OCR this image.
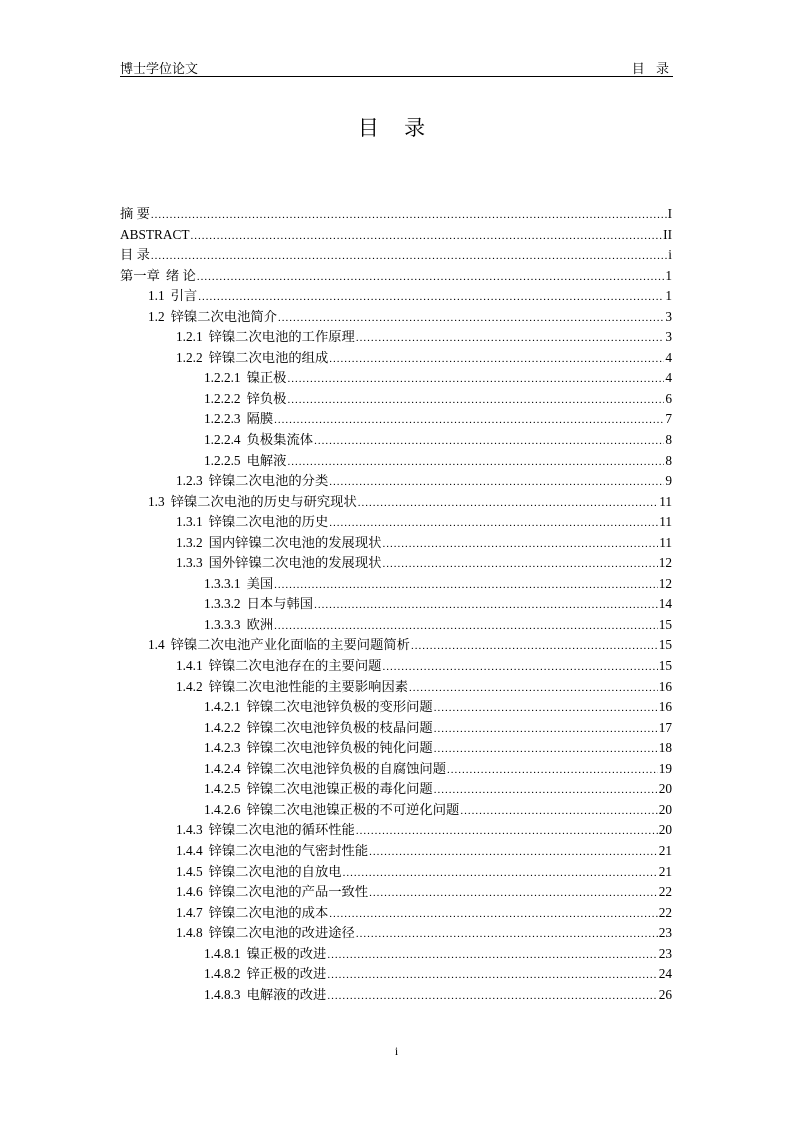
博士学位论文	目 录
目 录
摘 要 .....	I
ABSTRACT .....	II
目 录 .....	i
第一章 绪 论 .....	1
1.1 引言 .....	1
1.2 锌镍二次电池简介 .....	3
1.2.1 锌镍二次电池的工作原理 .....	3
1.2.2 锌镍二次电池的组成 .....	4
1.2.2.1 镍正极 .....	4
1.2.2.2 锌负极 .....	6
1.2.2.3 隔膜 .....	7
1.2.2.4 负极集流体 .....	8
1.2.2.5 电解液 .....	8
1.2.3 锌镍二次电池的分类 .....	9
1.3 锌镍二次电池的历史与研究现状 .....	11
1.3.1 锌镍二次电池的历史 .....	11
1.3.2 国内锌镍二次电池的发展现状 .....	11
1.3.3 国外锌镍二次电池的发展现状 .....	12
1.3.3.1 美国 .....	12
1.3.3.2 日本与韩国 .....	14
1.3.3.3 欧洲 .....	15
1.4 锌镍二次电池产业化面临的主要问题简析 .....	15
1.4.1 锌镍二次电池存在的主要问题 .....	15
1.4.2 锌镍二次电池性能的主要影响因素 .....	16
1.4.2.1 锌镍二次电池锌负极的变形问题 .....	16
1.4.2.2 锌镍二次电池锌负极的枝晶问题 .....	17
1.4.2.3 锌镍二次电池锌负极的钝化问题 .....	18
1.4.2.4 锌镍二次电池锌负极的自腐蚀问题 .....	19
1.4.2.5 锌镍二次电池镍正极的毒化问题 .....	20
1.4.2.6 锌镍二次电池镍正极的不可逆化问题 .....	20
1.4.3 锌镍二次电池的循环性能 .....	20
1.4.4 锌镍二次电池的气密封性能 .....	21
1.4.5 锌镍二次电池的自放电 .....	21
1.4.6 锌镍二次电池的产品一致性 .....	22
1.4.7 锌镍二次电池的成本 .....	22
1.4.8 锌镍二次电池的改进途径 .....	23
1.4.8.1 镍正极的改进 .....	23
1.4.8.2 锌正极的改进 .....	24
1.4.8.3 电解液的改进 .....	26
i
